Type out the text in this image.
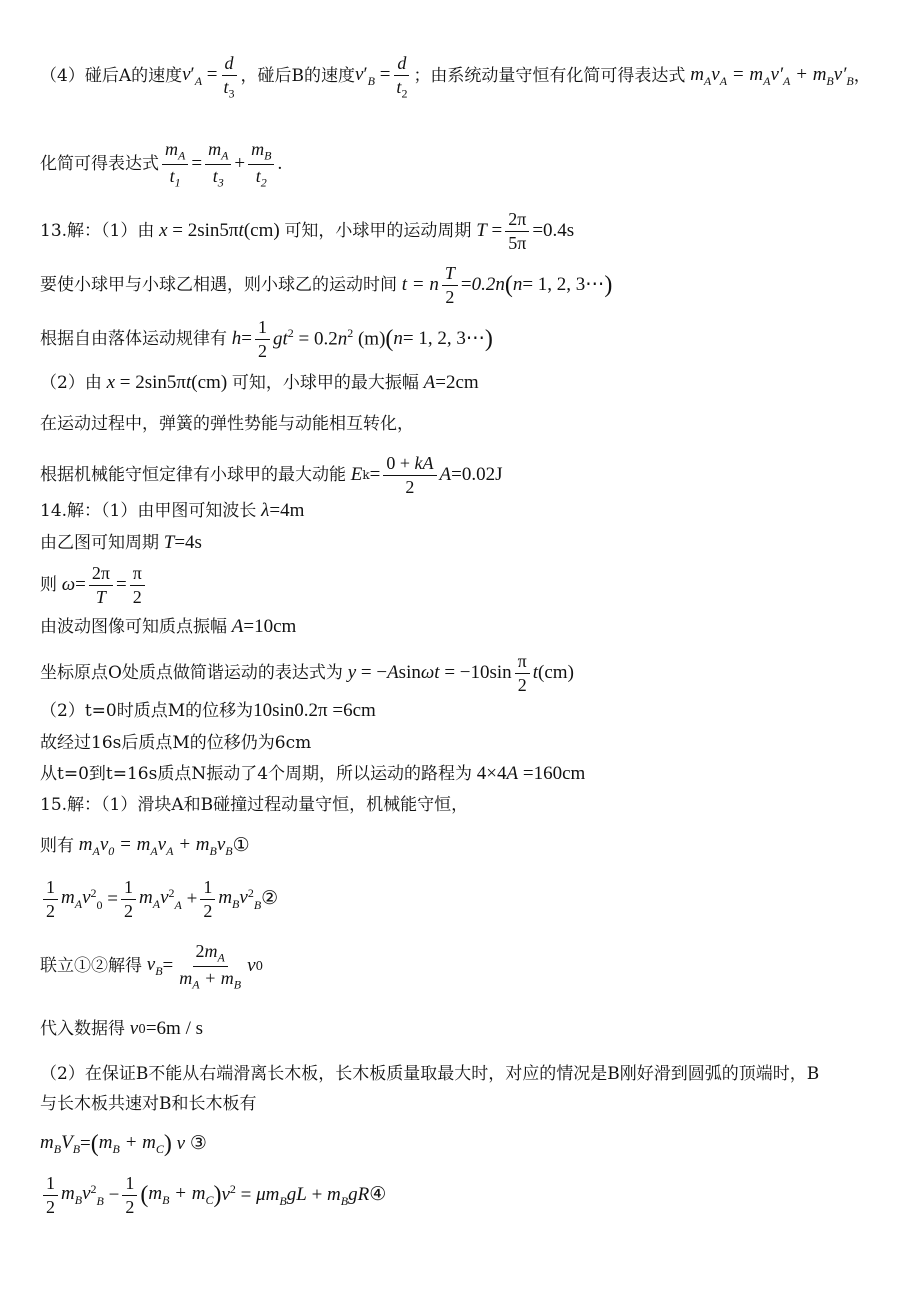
（4）碰后A的速度 $v'_A = \frac{d}{t_3}$ ，碰后B的速度 $v'_B = \frac{d}{t_2}$ ；由系统动量守恒有化简可得表达式 $m_Av_A = m_Av'_A + m_Bv'_B$ ，
化简可得表达式 $\frac{m_A}{t_1} = \frac{m_A}{t_3} + \frac{m_B}{t_2}$ .
13.解：（1）由 x = 2sin5πt(cm) 可知，小球甲的运动周期 $T = \frac{2\pi}{5\pi} = 0.4s$
要使小球甲与小球乙相遇，则小球乙的运动时间 t = n $\frac{T}{2} = 0.2n$ ( n = 1, 2, 3⋯ )
根据自由落体运动规律有 $h = \frac{1}{2} gt^2 = 0.2n^2$ (m) ( n = 1, 2, 3⋯ )
（2）由 x = 2sin5πt(cm) 可知，小球甲的最大振幅 A = 2cm
在运动过程中，弹簧的弹性势能与动能相互转化，
根据机械能守恒定律有小球甲的最大动能 E $k = \frac{0 + kA}{2}$ A = 0.02J
14.解：（1）由甲图可知波长 λ = 4m
由乙图可知周期 T = 4s
则 $\omega = \frac{2\pi}{T} = \frac{\pi}{2}$
由波动图像可知质点振幅 A = 10cm
坐标原点O处质点做简谐运动的表达式为 $y = -Asin\omega t = -10\sin \frac{\pi}{2}$ t (cm)
（2）t=0时质点M的位移为 10sin0.2π = 6cm
故经过16s后质点M的位移仍为6cm
从t=0到t=16s质点N振动了4个周期，所以运动的路程为 4×4A = 160cm
15.解：（1）滑块A和B碰撞过程动量守恒，机械能守恒，
则有 $m_Av_0 = m_Av_A + m_Bv_B$ ①
$\frac{1}{2} m_Av$ $^2_0 = \frac{1}{2} m_Av$ $^2_A + \frac{1}{2} m_Bv$ $^2_B$ ②
联立①②解得 $v_B = \frac{2m_A}{m_A + m_B}$ v 0
代入数据得 v 0 = 6m / s
（2）在保证B不能从右端滑离长木板，长木板质量取最大时，对应的情况是B刚好滑到圆弧的顶端时，B
与长木板共速对B和长木板有
$m_BV_B$ = ( $m_B + m_C$ ) v ③
$\frac{1}{2} m_Bv$ $^2_B - \frac{1}{2}$ ( $m_B + m_C$ ) v $^2 = \mu m_BgL + m_BgR$ ④
